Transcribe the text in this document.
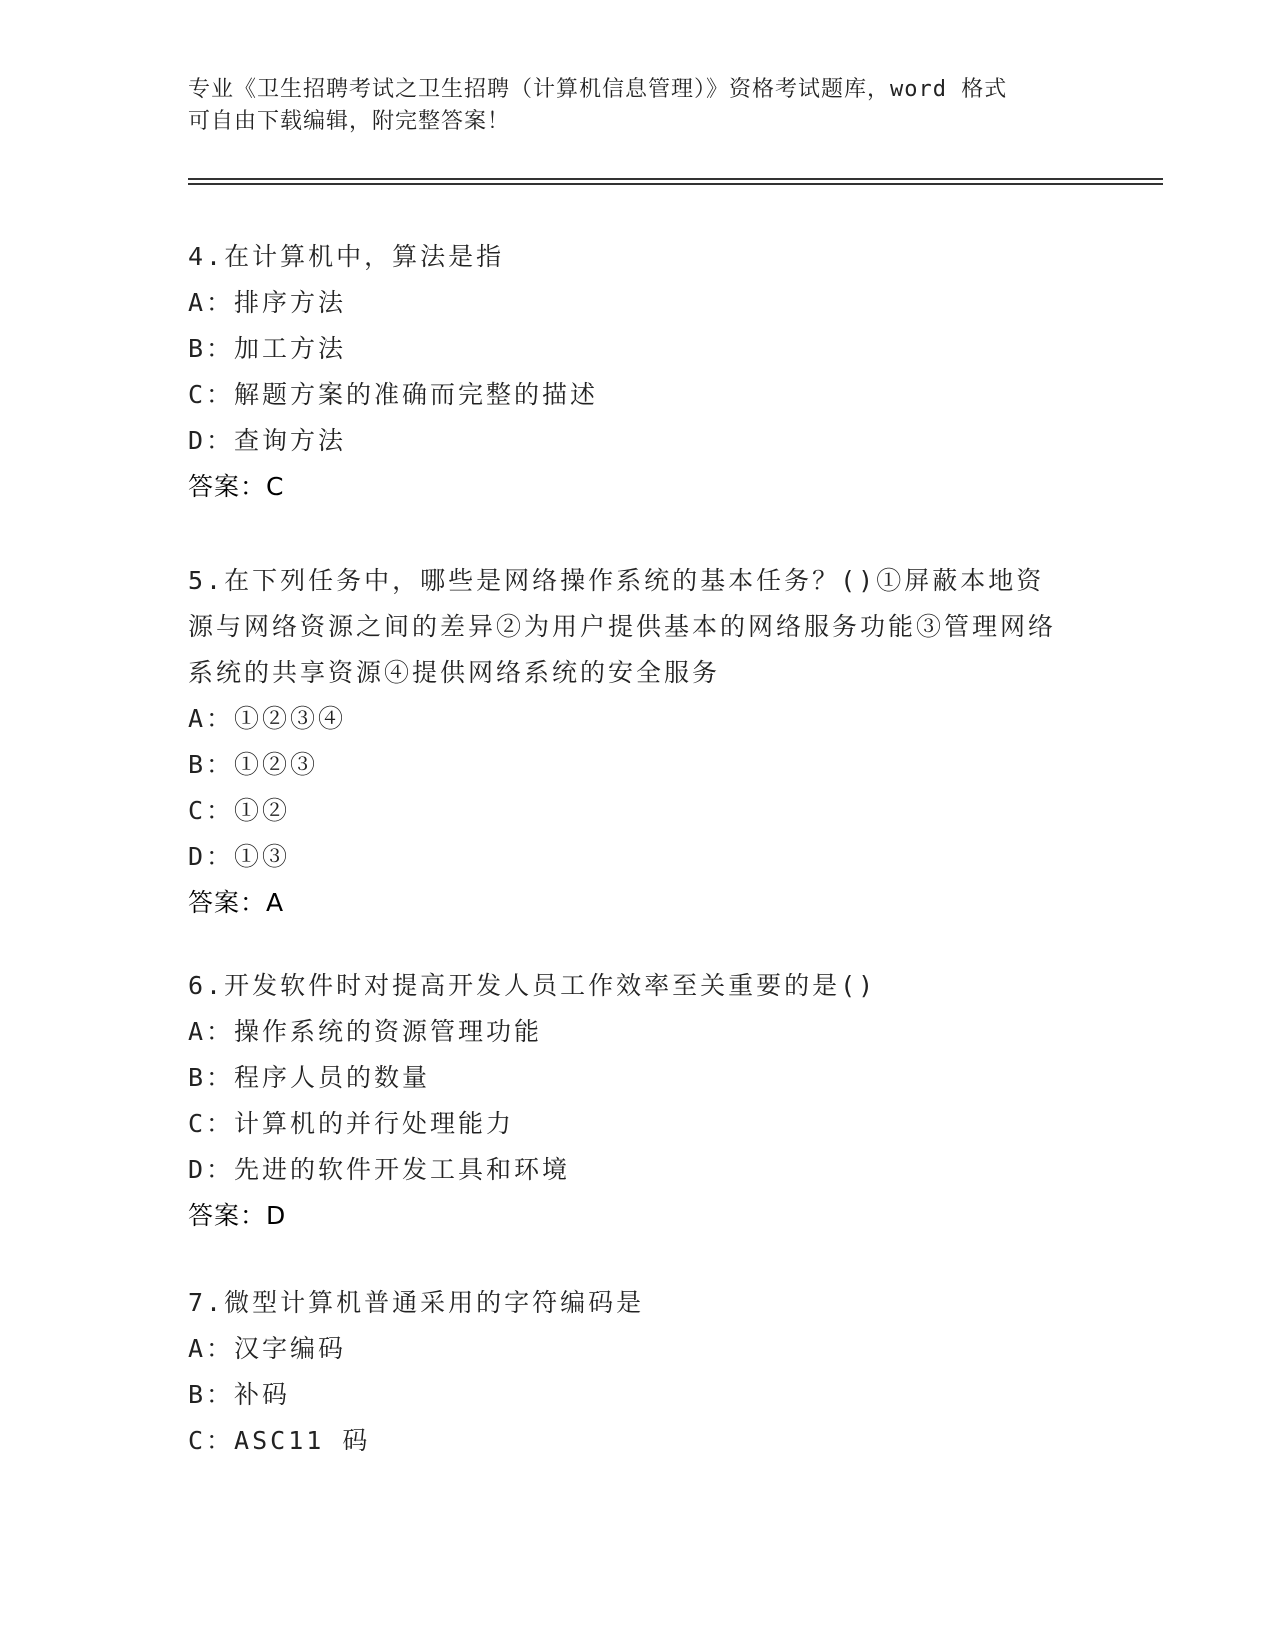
专业《卫生招聘考试之卫生招聘（计算机信息管理）》资格考试题库，word 格式
可自由下载编辑，附完整答案！
4.在计算机中，算法是指
A：排序方法
B：加工方法
C：解题方案的准确而完整的描述
D：查询方法
答案：C
5.在下列任务中，哪些是网络操作系统的基本任务？()①屏蔽本地资源与网络资源之间的差异②为用户提供基本的网络服务功能③管理网络系统的共享资源④提供网络系统的安全服务
A：①②③④
B：①②③
C：①②
D：①③
答案：A
6.开发软件时对提高开发人员工作效率至关重要的是()
A：操作系统的资源管理功能
B：程序人员的数量
C：计算机的并行处理能力
D：先进的软件开发工具和环境
答案：D
7.微型计算机普通采用的字符编码是
A：汉字编码
B：补码
C：ASC11 码
